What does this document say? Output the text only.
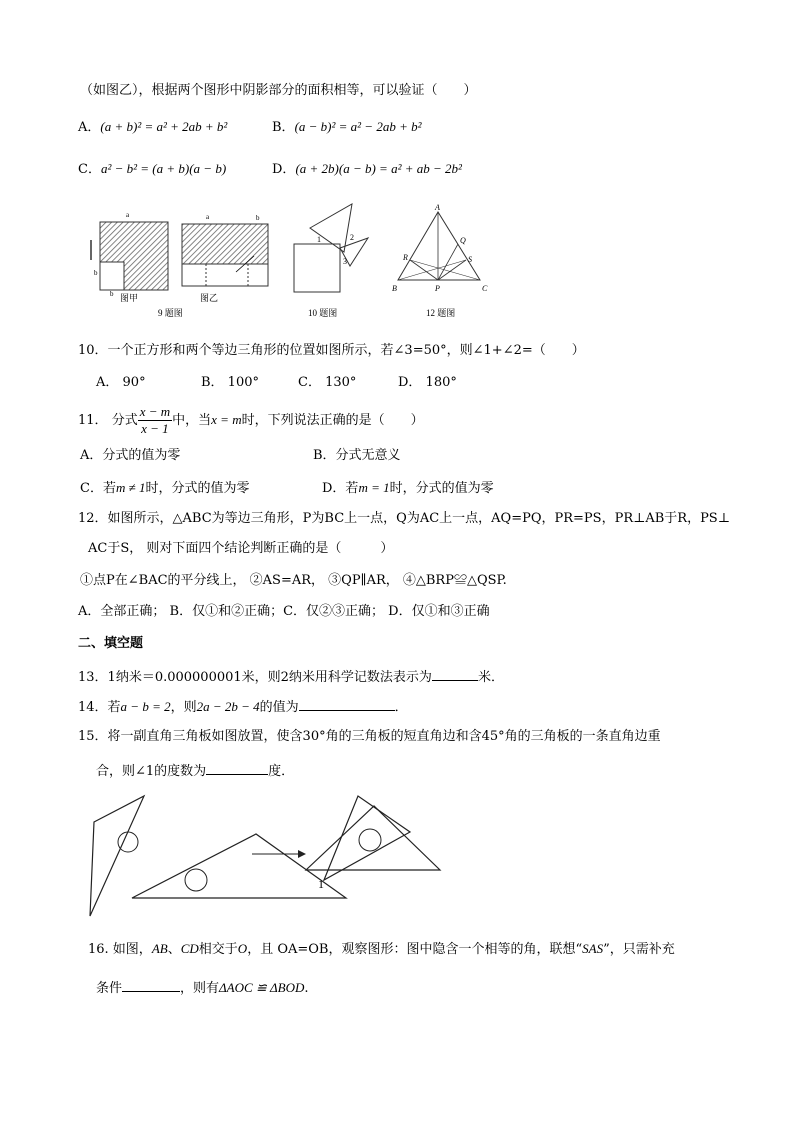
（如图乙），根据两个图形中阴影部分的面积相等，可以验证（　　）
A．(a + b)² = a² + 2ab + b²	B．(a − b)² = a² − 2ab + b²
C．a² − b² = (a + b)(a − b)	D．(a + 2b)(a − b) = a² + ab − 2b²
a
b
b 图甲
a	b
图乙
9 题图
1	2
3
10 题图
A
B	C
P
Q
R	S
12 题图
10．一个正方形和两个等边三角形的位置如图所示，若∠3=50°，则∠1+∠2=（　　）
A． 90°	B． 100°	C． 130°	D． 180°
11． 分式 $\frac{x - m}{x - 1}$ 中，当x = m时，下列说法正确的是（　　）
A．分式的值为零	B．分式无意义
C．若m ≠ 1时，分式的值为零	D．若m = 1时，分式的值为零
12．如图所示，△ABC为等边三角形，P为BC上一点，Q为AC上一点，AQ=PQ，PR=PS，PR⊥AB于R，PS⊥
AC于S， 则对下面四个结论判断正确的是（　　　）
①点P在∠BAC的平分线上， ②AS=AR， ③QP∥AR， ④△BRP≌△QSP.
A．全部正确； B．仅①和②正确；C．仅②③正确； D．仅①和③正确
二、填空题
13．1纳米＝0.000000001米，则2纳米用科学记数法表示为	米．
14．若a − b = 2，则2a − 2b − 4的值为	．
15．将一副直角三角板如图放置，使含30°角的三角板的短直角边和含45°角的三角板的一条直角边重
合，则∠1的度数为	度．
1
16. 如图，AB、CD相交于O，且 OA=OB，观察图形：图中隐含一个相等的角，联想“SAS”，只需补充
条件	，则有ΔAOC ≌ ΔBOD.
